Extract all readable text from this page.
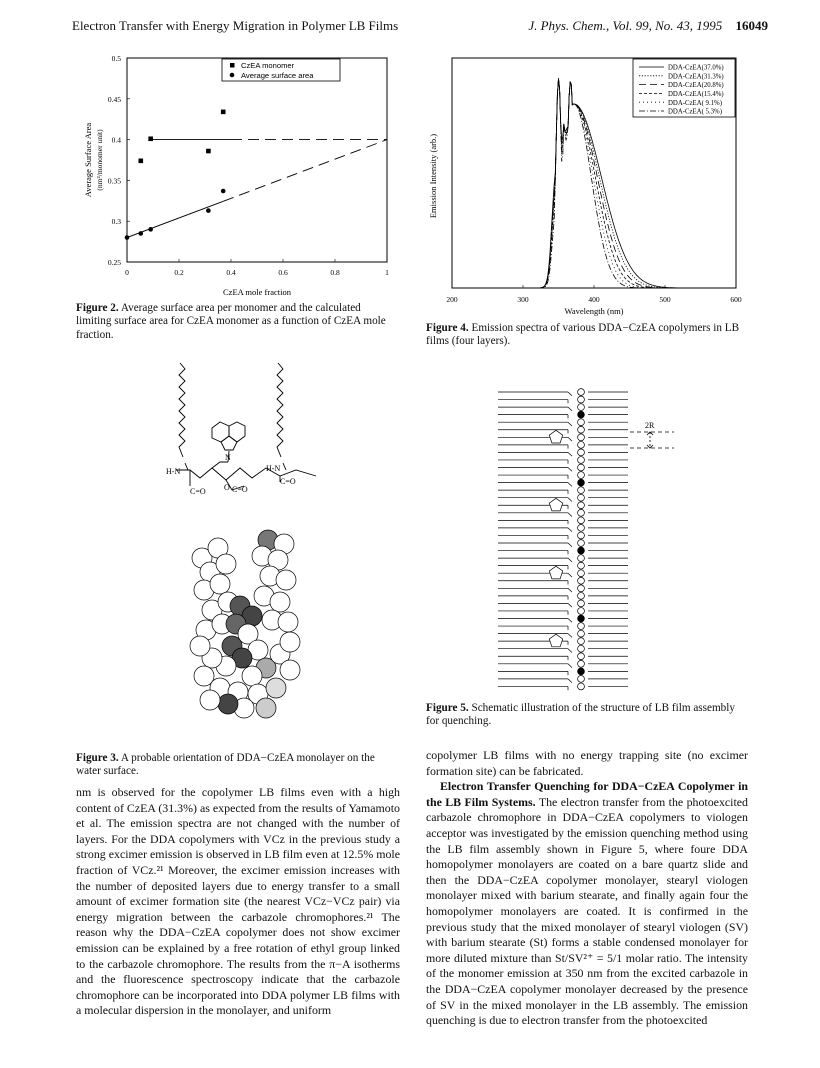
Electron Transfer with Energy Migration in Polymer LB Films	J. Phys. Chem., Vol. 99, No. 43, 1995 16049
0.25
0.3
0.35
0.4
0.45
0.5
0	0.2	0.4	0.6	0.8	1
CzEA mole fraction
Average Surface Area (nm²/monomer unit)
CzEA monomer
Average surface area
Figure 2. Average surface area per monomer and the calculated limiting surface area for CzEA monomer as a function of CzEA mole fraction.
H-N
C=O O C=O
N
H-N
C=O
Figure 3. A probable orientation of DDA−CzEA monolayer on the water surface.
200	300	400	500	600
Wavelength (nm)
Emission Intensity (arb.)
DDA-CzEA(37.0%)
DDA-CzEA(31.3%)
DDA-CzEA(20.8%)
DDA-CzEA(15.4%)
DDA-CzEA( 9.1%)
DDA-CzEA( 5.3%)
Figure 4. Emission spectra of various DDA−CzEA copolymers in LB films (four layers).
2R
Figure 5. Schematic illustration of the structure of LB film assembly for quenching.
nm is observed for the copolymer LB films even with a high content of CzEA (31.3%) as expected from the results of Yamamoto et al. The emission spectra are not changed with the number of layers. For the DDA copolymers with VCz in the previous study a strong excimer emission is observed in LB film even at 12.5% mole fraction of VCz.²¹ Moreover, the excimer emission increases with the number of deposited layers due to energy transfer to a small amount of excimer formation site (the nearest VCz−VCz pair) via energy migration between the carbazole chromophores.²¹ The reason why the DDA−CzEA copolymer does not show excimer emission can be explained by a free rotation of ethyl group linked to the carbazole chromophore. The results from the π−A isotherms and the fluorescence spectroscopy indicate that the carbazole chromophore can be incorporated into DDA polymer LB films with a molecular dispersion in the monolayer, and uniform
copolymer LB films with no energy trapping site (no excimer formation site) can be fabricated.
Electron Transfer Quenching for DDA−CzEA Copolymer in the LB Film Systems. The electron transfer from the photoexcited carbazole chromophore in DDA−CzEA copolymers to viologen acceptor was investigated by the emission quenching method using the LB film assembly shown in Figure 5, where foure DDA homopolymer monolayers are coated on a bare quartz slide and then the DDA−CzEA copolymer monolayer, stearyl viologen monolayer mixed with barium stearate, and finally again four the homopolymer monolayers are coated. It is confirmed in the previous study that the mixed monolayer of stearyl viologen (SV) with barium stearate (St) forms a stable condensed monolayer for more diluted mixture than St/SV²⁺ = 5/1 molar ratio. The intensity of the monomer emission at 350 nm from the excited carbazole in the DDA−CzEA copolymer monolayer decreased by the presence of SV in the mixed monolayer in the LB assembly. The emission quenching is due to electron transfer from the photoexcited
